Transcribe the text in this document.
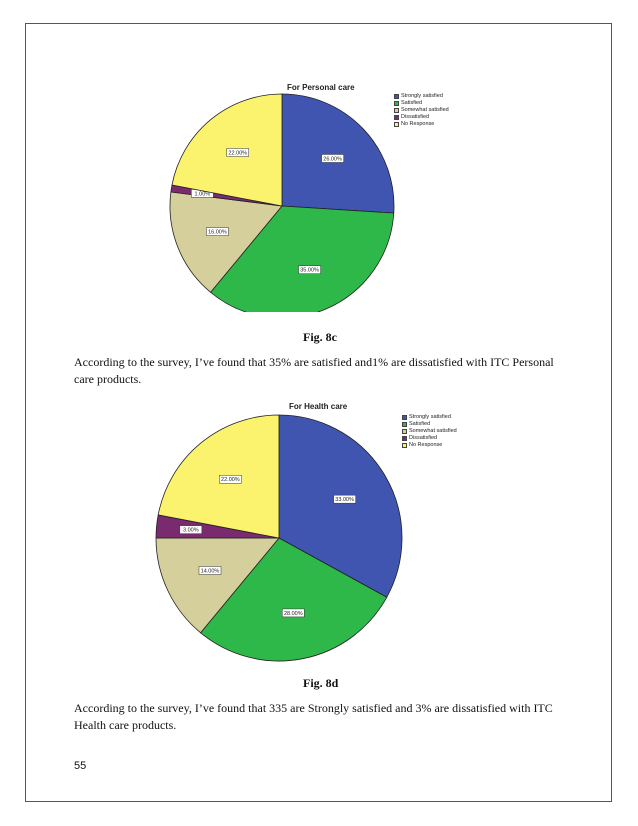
26.00%
35.00%
16.00%
1.00%
22.00%
For Personal care
Strongly satisfied
Satisfied
Somewhat satisfied
Dissatisfied
No Response
Fig. 8c
According to the survey, I’ve found that 35% are satisfied and1% are dissatisfied with ITC Personal care products.
33.00%
28.00%
14.00%
3.00%
22.00%
For Health care
Strongly satisfied
Satisfied
Somewhat satisfied
Dissatisfied
No Response
Fig. 8d
According to the survey, I’ve found that 335 are Strongly satisfied and 3% are dissatisfied with ITC Health care products.
55
